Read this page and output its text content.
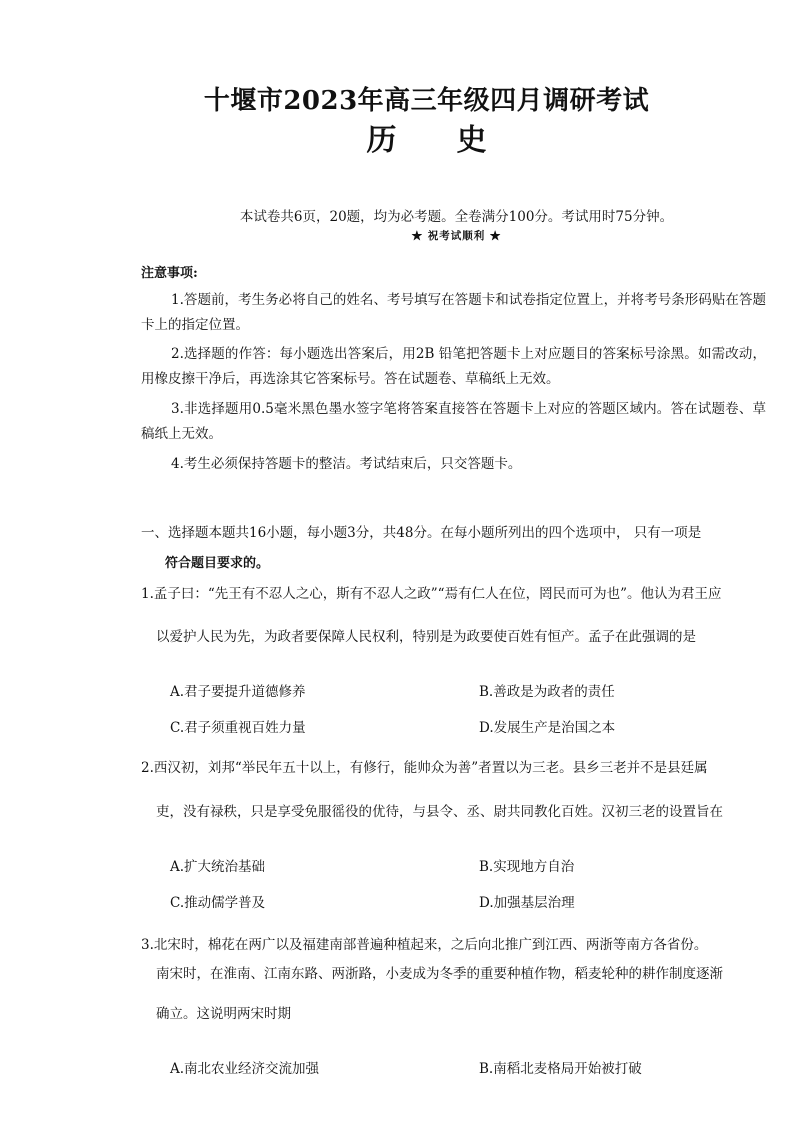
十堰市2023年高三年级四月调研考试
历史
本试卷共6页，20题，均为必考题。全卷满分100分。考试用时75分钟。
★ 祝考试顺利 ★
注意事项:
1.答题前，考生务必将自己的姓名、考号填写在答题卡和试卷指定位置上，并将考号条形码贴在答题卡上的指定位置。
2.选择题的作答：每小题选出答案后，用2B 铅笔把答题卡上对应题目的答案标号涂黑。如需改动，用橡皮擦干净后，再选涂其它答案标号。答在试题卷、草稿纸上无效。
3.非选择题用0.5毫米黑色墨水签字笔将答案直接答在答题卡上对应的答题区域内。答在试题卷、草稿纸上无效。
4.考生必须保持答题卡的整洁。考试结束后，只交答题卡。
一、选择题本题共16小题，每小题3分，共48分。在每小题所列出的四个选项中， 只有一项是
符合题目要求的。
1.孟子曰：“先王有不忍人之心，斯有不忍人之政”“焉有仁人在位，罔民而可为也”。他认为君王应
以爱护人民为先，为政者要保障人民权利，特别是为政要使百姓有恒产。孟子在此强调的是
A.君子要提升道德修养	B.善政是为政者的责任
C.君子须重视百姓力量	D.发展生产是治国之本
2.西汉初，刘邦“举民年五十以上，有修行，能帅众为善”者置以为三老。县乡三老并不是县廷属
吏，没有禄秩，只是享受免服徭役的优待，与县令、丞、尉共同教化百姓。汉初三老的设置旨在
A.扩大统治基础	B.实现地方自治
C.推动儒学普及	D.加强基层治理
3.北宋时，棉花在两广以及福建南部普遍种植起来，之后向北推广到江西、两浙等南方各省份。
南宋时，在淮南、江南东路、两浙路，小麦成为冬季的重要种植作物，稻麦轮种的耕作制度逐渐
确立。这说明两宋时期
A.南北农业经济交流加强	B.南稻北麦格局开始被打破
